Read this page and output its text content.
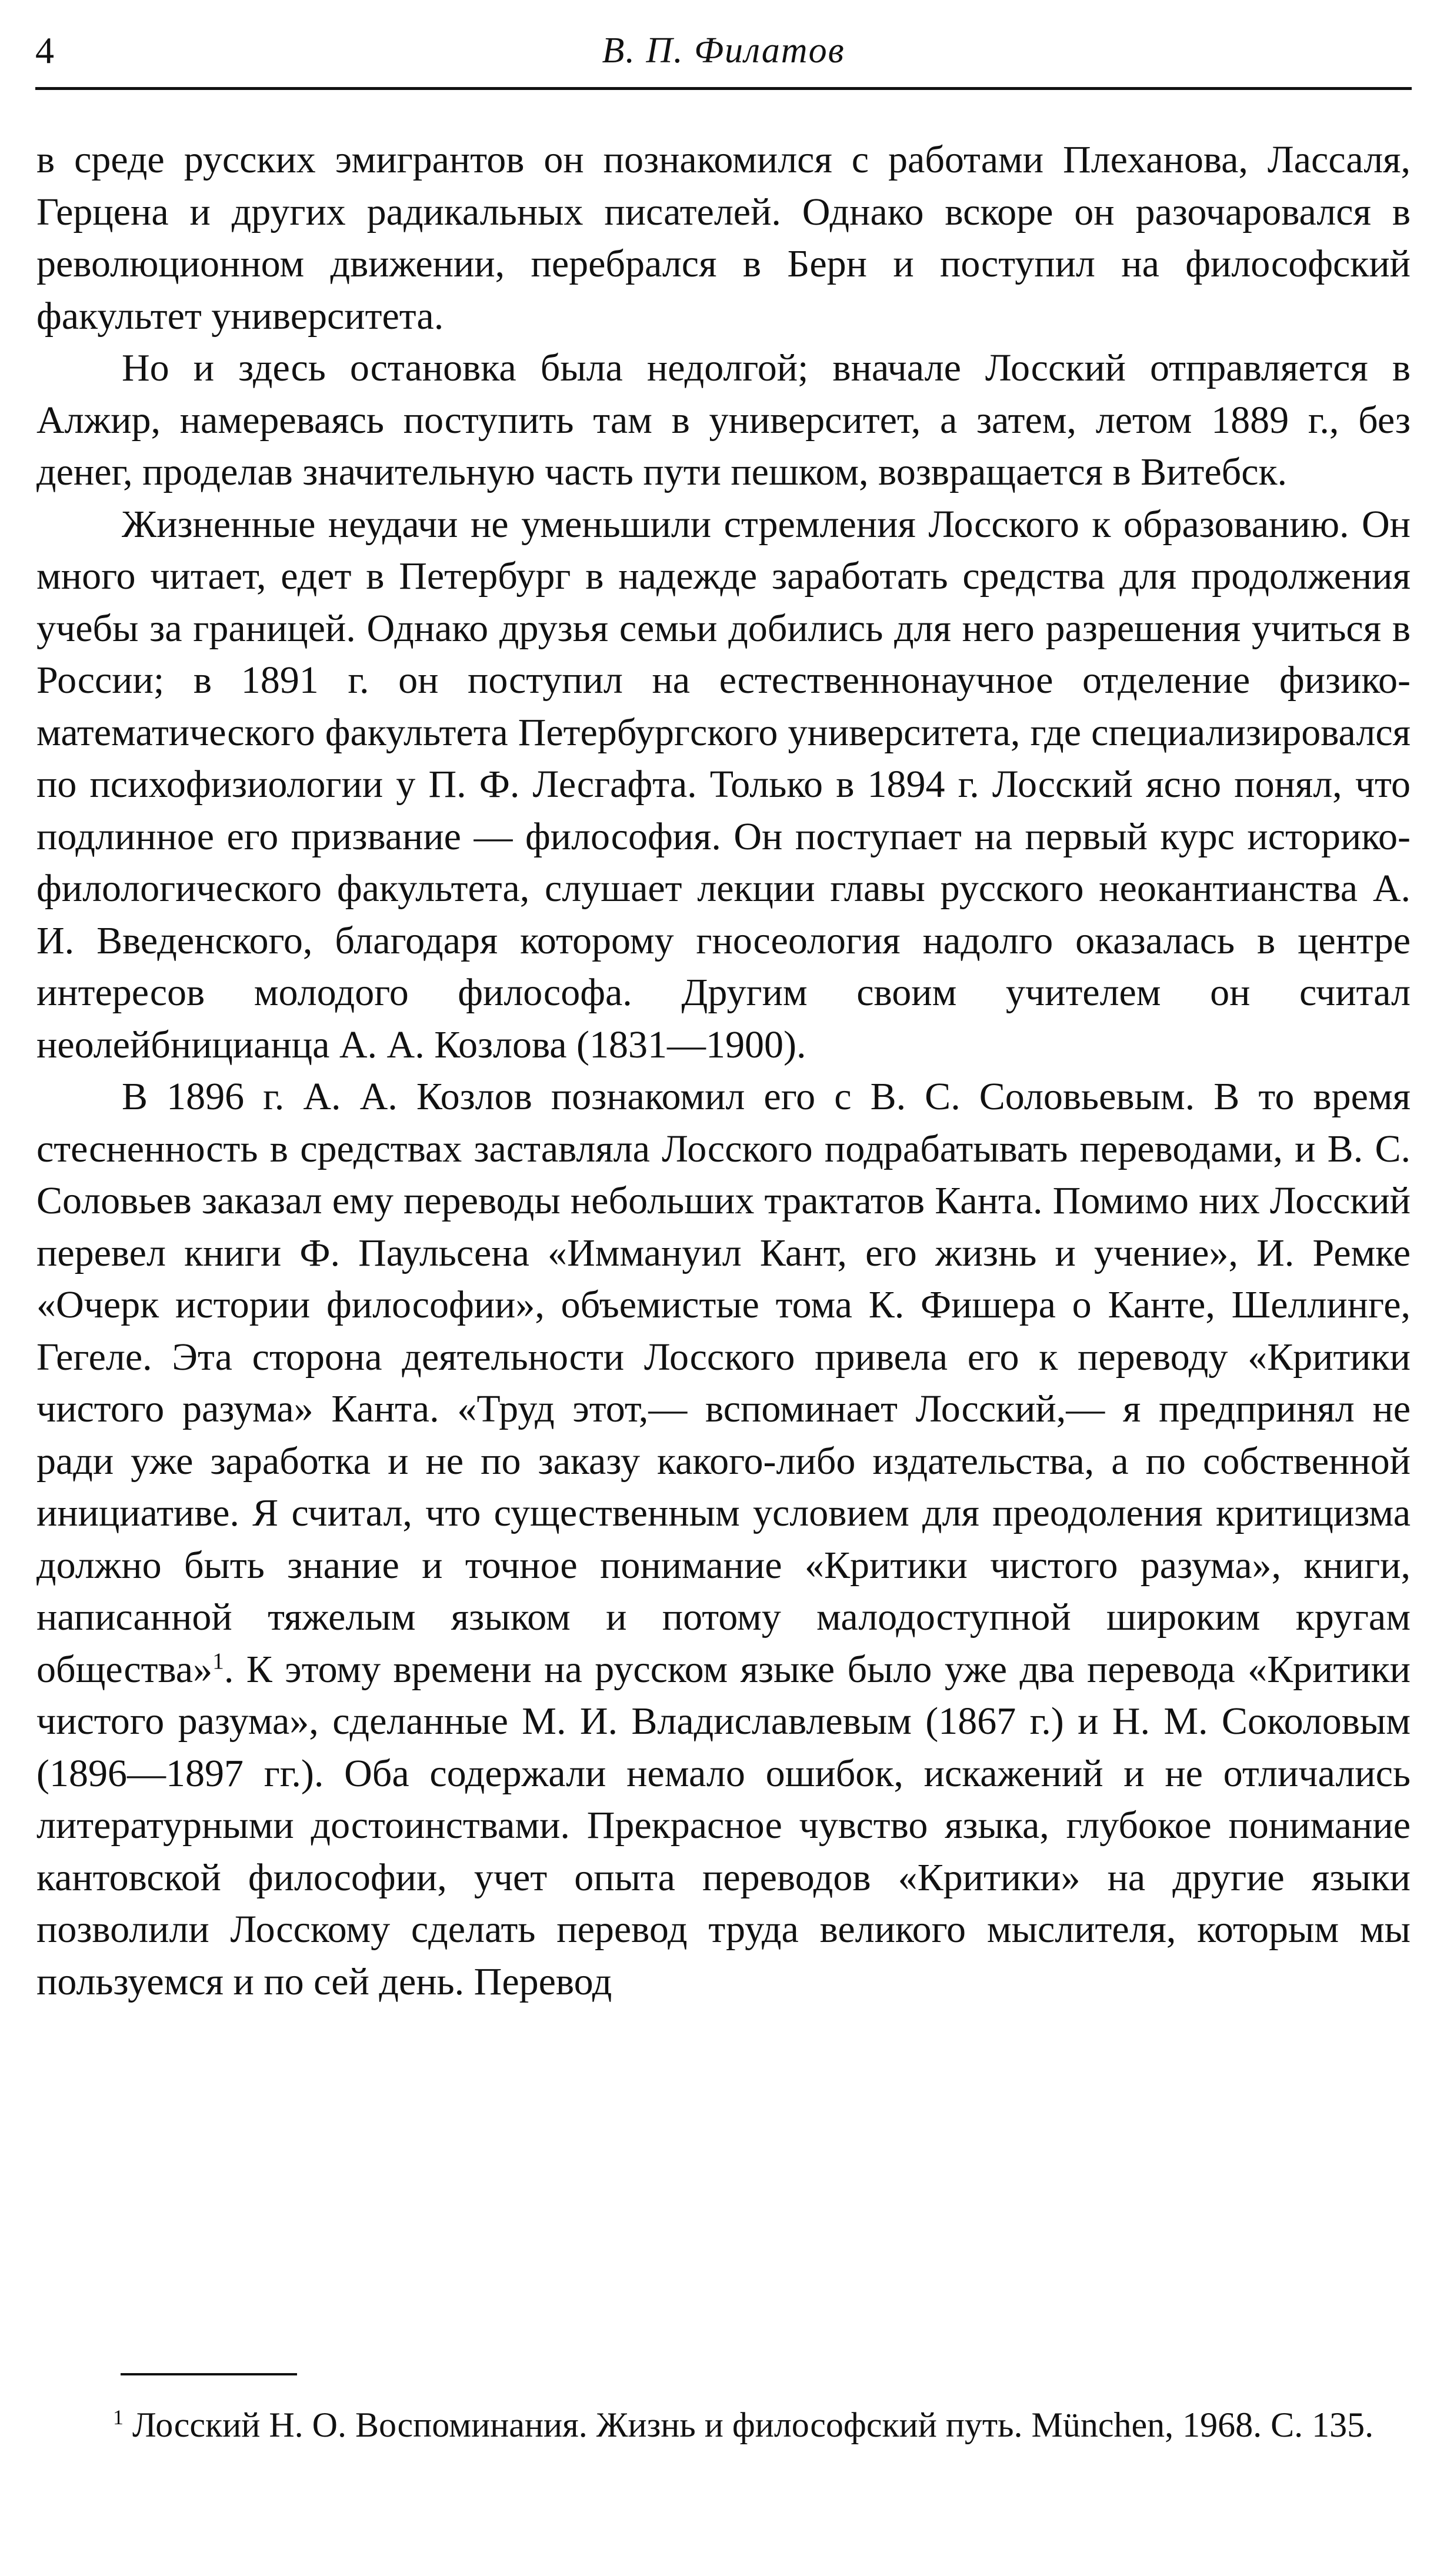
4	В. П. Филатов

в среде русских эмигрантов он познакомился с работами Плеханова, Лассаля, Герцена и других радикальных писателей. Однако вскоре он разочаровался в революционном движении, перебрался в Берн и поступил на философский факультет университета.

Но и здесь остановка была недолгой; вначале Лосский отправляется в Алжир, намереваясь поступить там в университет, а затем, летом 1889 г., без денег, проделав значительную часть пути пешком, возвращается в Витебск.

Жизненные неудачи не уменьшили стремления Лосского к образованию. Он много читает, едет в Петербург в надежде заработать средства для продолжения учебы за границей. Однако друзья семьи добились для него разрешения учиться в России; в 1891 г. он поступил на естественнонаучное отделение физико-математического факультета Петербургского университета, где специализировался по психофизиологии у П. Ф. Лесгафта. Только в 1894 г. Лосский ясно понял, что подлинное его призвание — философия. Он поступает на первый курс историко-филологического факультета, слушает лекции главы русского неокантианства А. И. Введенского, благодаря которому гносеология надолго оказалась в центре интересов молодого философа. Другим своим учителем он считал неолейбницианца А. А. Козлова (1831—1900).

В 1896 г. А. А. Козлов познакомил его с В. С. Соловьевым. В то время стесненность в средствах заставляла Лосского подрабатывать переводами, и В. С. Соловьев заказал ему переводы небольших трактатов Канта. Помимо них Лосский перевел книги Ф. Паульсена «Иммануил Кант, его жизнь и учение», И. Ремке «Очерк истории философии», объемистые тома К. Фишера о Канте, Шеллинге, Гегеле. Эта сторона деятельности Лосского привела его к переводу «Критики чистого разума» Канта. «Труд этот,— вспоминает Лосский,— я предпринял не ради уже заработка и не по заказу какого-либо издательства, а по собственной инициативе. Я считал, что существенным условием для преодоления критицизма должно быть знание и точное понимание «Критики чистого разума», книги, написанной тяжелым языком и потому малодоступной широким кругам общества»$^1$. К этому времени на русском языке было уже два перевода «Критики чистого разума», сделанные М. И. Владиславлевым (1867 г.) и Н. М. Соколовым (1896—1897 гг.). Оба содержали немало ошибок, искажений и не отличались литературными достоинствами. Прекрасное чувство языка, глубокое понимание кантовской философии, учет опыта переводов «Критики» на другие языки позволили Лосскому сделать перевод труда великого мыслителя, которым мы пользуемся и по сей день. Перевод

$^1$ Лосский Н. О. Воспоминания. Жизнь и философский путь. München, 1968. С. 135.
